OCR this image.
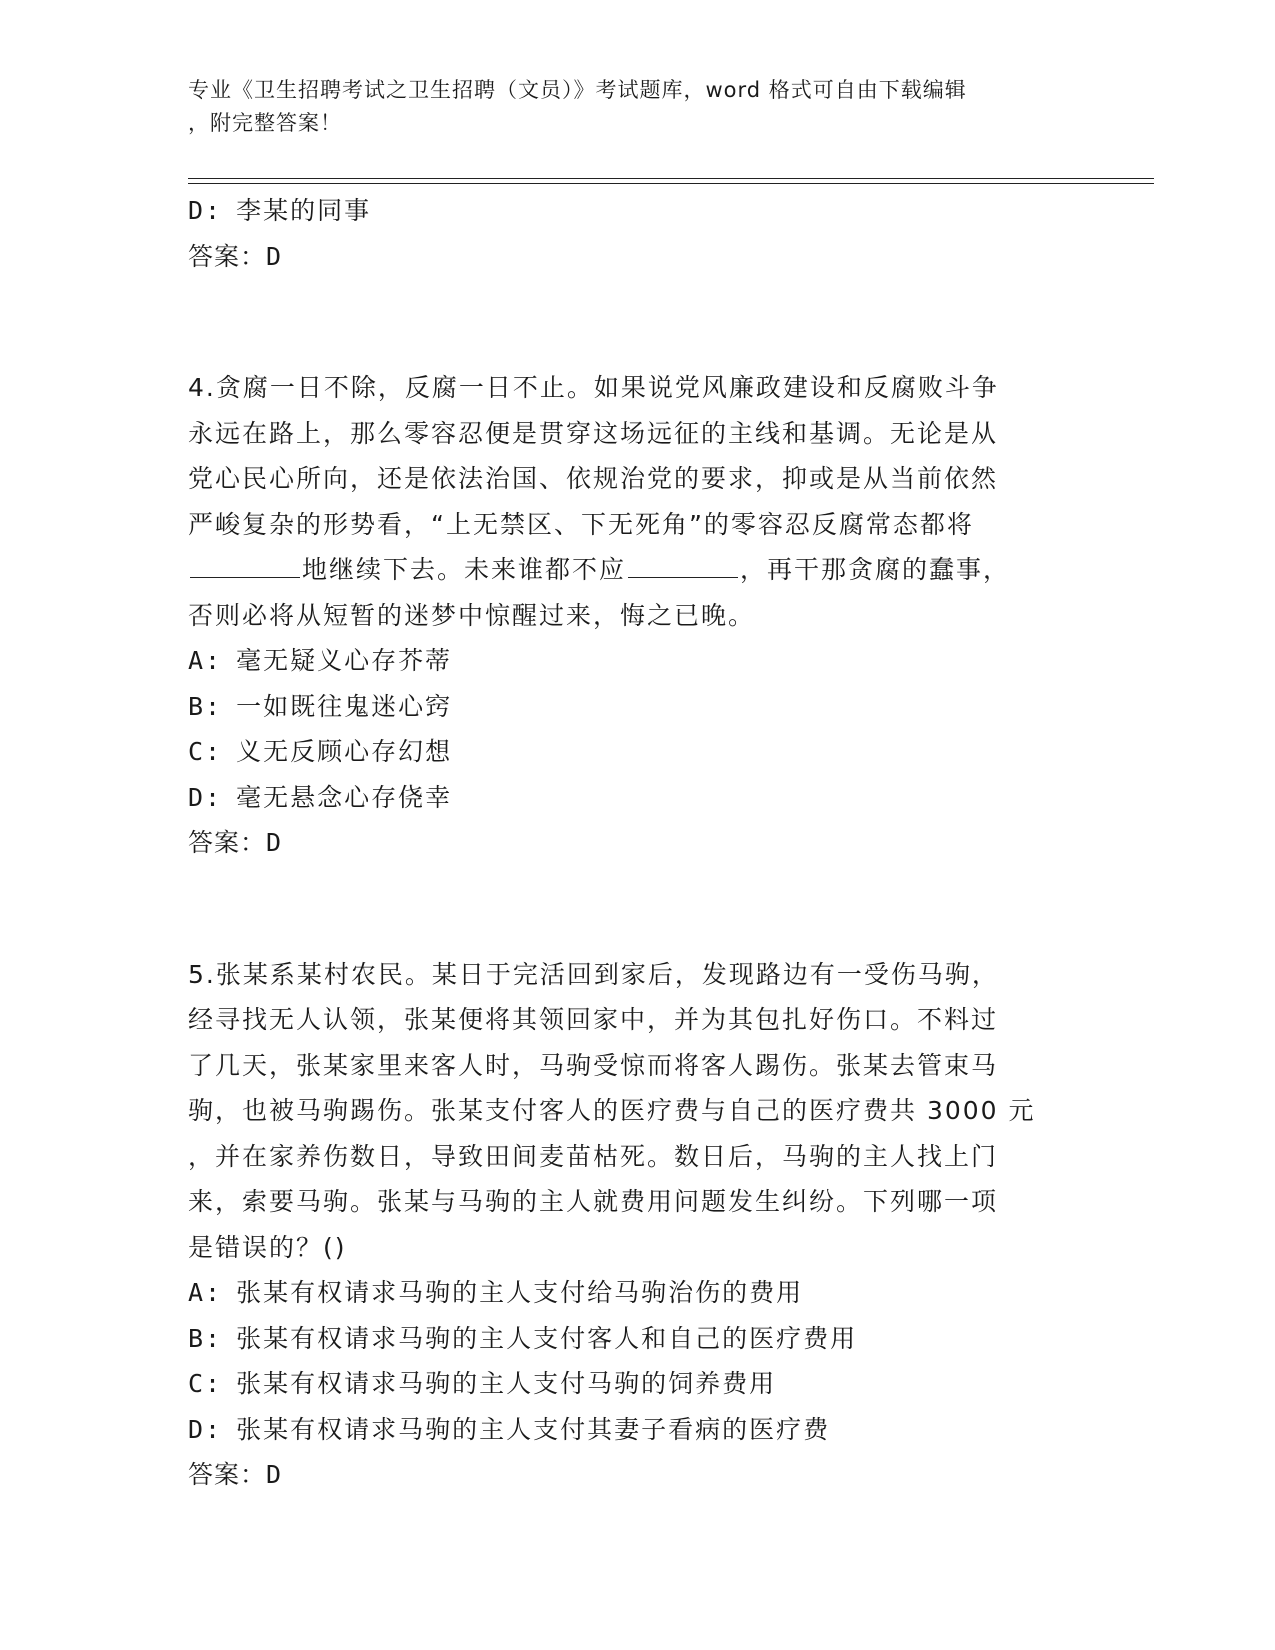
专业《卫生招聘考试之卫生招聘（文员）》考试题库，word 格式可自由下载编辑
，附完整答案！
D: 李某的同事
答案：D
4.贪腐一日不除，反腐一日不止。如果说党风廉政建设和反腐败斗争
永远在路上，那么零容忍便是贯穿这场远征的主线和基调。无论是从
党心民心所向，还是依法治国、依规治党的要求，抑或是从当前依然
严峻复杂的形势看，“上无禁区、下无死角”的零容忍反腐常态都将
地继续下去。未来谁都不应	，再干那贪腐的蠢事，
否则必将从短暂的迷梦中惊醒过来，悔之已晚。
A: 毫无疑义心存芥蒂
B: 一如既往鬼迷心窍
C: 义无反顾心存幻想
D: 毫无悬念心存侥幸
答案：D
5.张某系某村农民。某日于完活回到家后，发现路边有一受伤马驹，
经寻找无人认领，张某便将其领回家中，并为其包扎好伤口。不料过
了几天，张某家里来客人时，马驹受惊而将客人踢伤。张某去管束马
驹，也被马驹踢伤。张某支付客人的医疗费与自己的医疗费共 3000 元
，并在家养伤数日，导致田间麦苗枯死。数日后，马驹的主人找上门
来，索要马驹。张某与马驹的主人就费用问题发生纠纷。下列哪一项
是错误的？()
A: 张某有权请求马驹的主人支付给马驹治伤的费用
B: 张某有权请求马驹的主人支付客人和自己的医疗费用
C: 张某有权请求马驹的主人支付马驹的饲养费用
D: 张某有权请求马驹的主人支付其妻子看病的医疗费
答案：D
